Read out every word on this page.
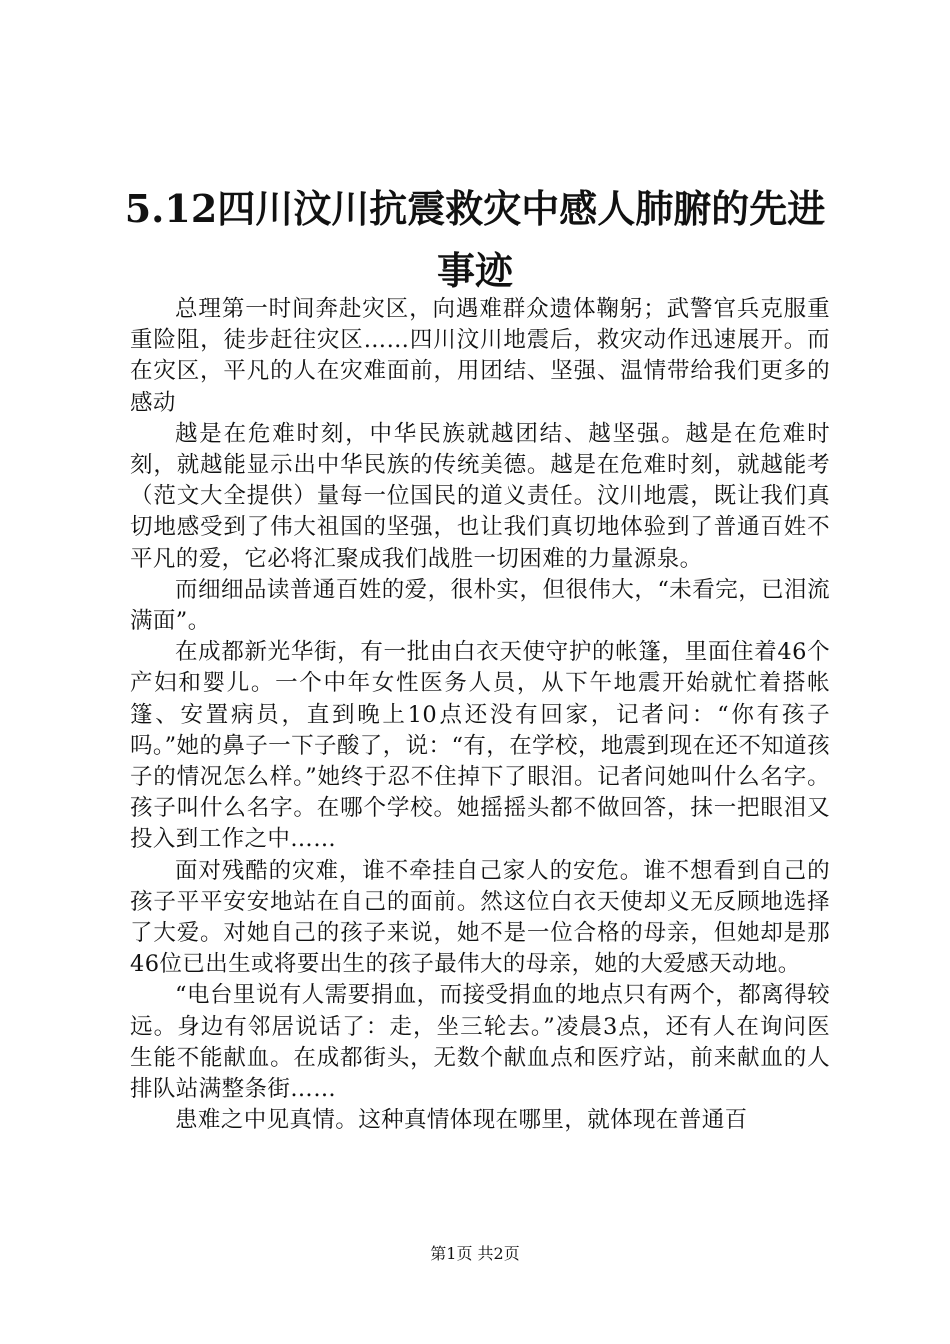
5.12四川汶川抗震救灾中感人肺腑的先进事迹

总理第一时间奔赴灾区，向遇难群众遗体鞠躬；武警官兵克服重重险阻，徒步赶往灾区……四川汶川地震后，救灾动作迅速展开。而在灾区，平凡的人在灾难面前，用团结、坚强、温情带给我们更多的感动

越是在危难时刻，中华民族就越团结、越坚强。越是在危难时刻，就越能显示出中华民族的传统美德。越是在危难时刻，就越能考（范文大全提供）量每一位国民的道义责任。汶川地震，既让我们真切地感受到了伟大祖国的坚强，也让我们真切地体验到了普通百姓不平凡的爱，它必将汇聚成我们战胜一切困难的力量源泉。

而细细品读普通百姓的爱，很朴实，但很伟大，“未看完，已泪流满面”。

在成都新光华街，有一批由白衣天使守护的帐篷，里面住着46个产妇和婴儿。一个中年女性医务人员，从下午地震开始就忙着搭帐篷、安置病员，直到晚上10点还没有回家，记者问：“你有孩子吗。”她的鼻子一下子酸了，说：“有，在学校，地震到现在还不知道孩子的情况怎么样。”她终于忍不住掉下了眼泪。记者问她叫什么名字。孩子叫什么名字。在哪个学校。她摇摇头都不做回答，抹一把眼泪又投入到工作之中……

面对残酷的灾难，谁不牵挂自己家人的安危。谁不想看到自己的孩子平平安安地站在自己的面前。然这位白衣天使却义无反顾地选择了大爱。对她自己的孩子来说，她不是一位合格的母亲，但她却是那46位已出生或将要出生的孩子最伟大的母亲，她的大爱感天动地。

“电台里说有人需要捐血，而接受捐血的地点只有两个，都离得较远。身边有邻居说话了：走，坐三轮去。”凌晨3点，还有人在询问医生能不能献血。在成都街头，无数个献血点和医疗站，前来献血的人排队站满整条街……

患难之中见真情。这种真情体现在哪里，就体现在普通百

第1页 共2页
